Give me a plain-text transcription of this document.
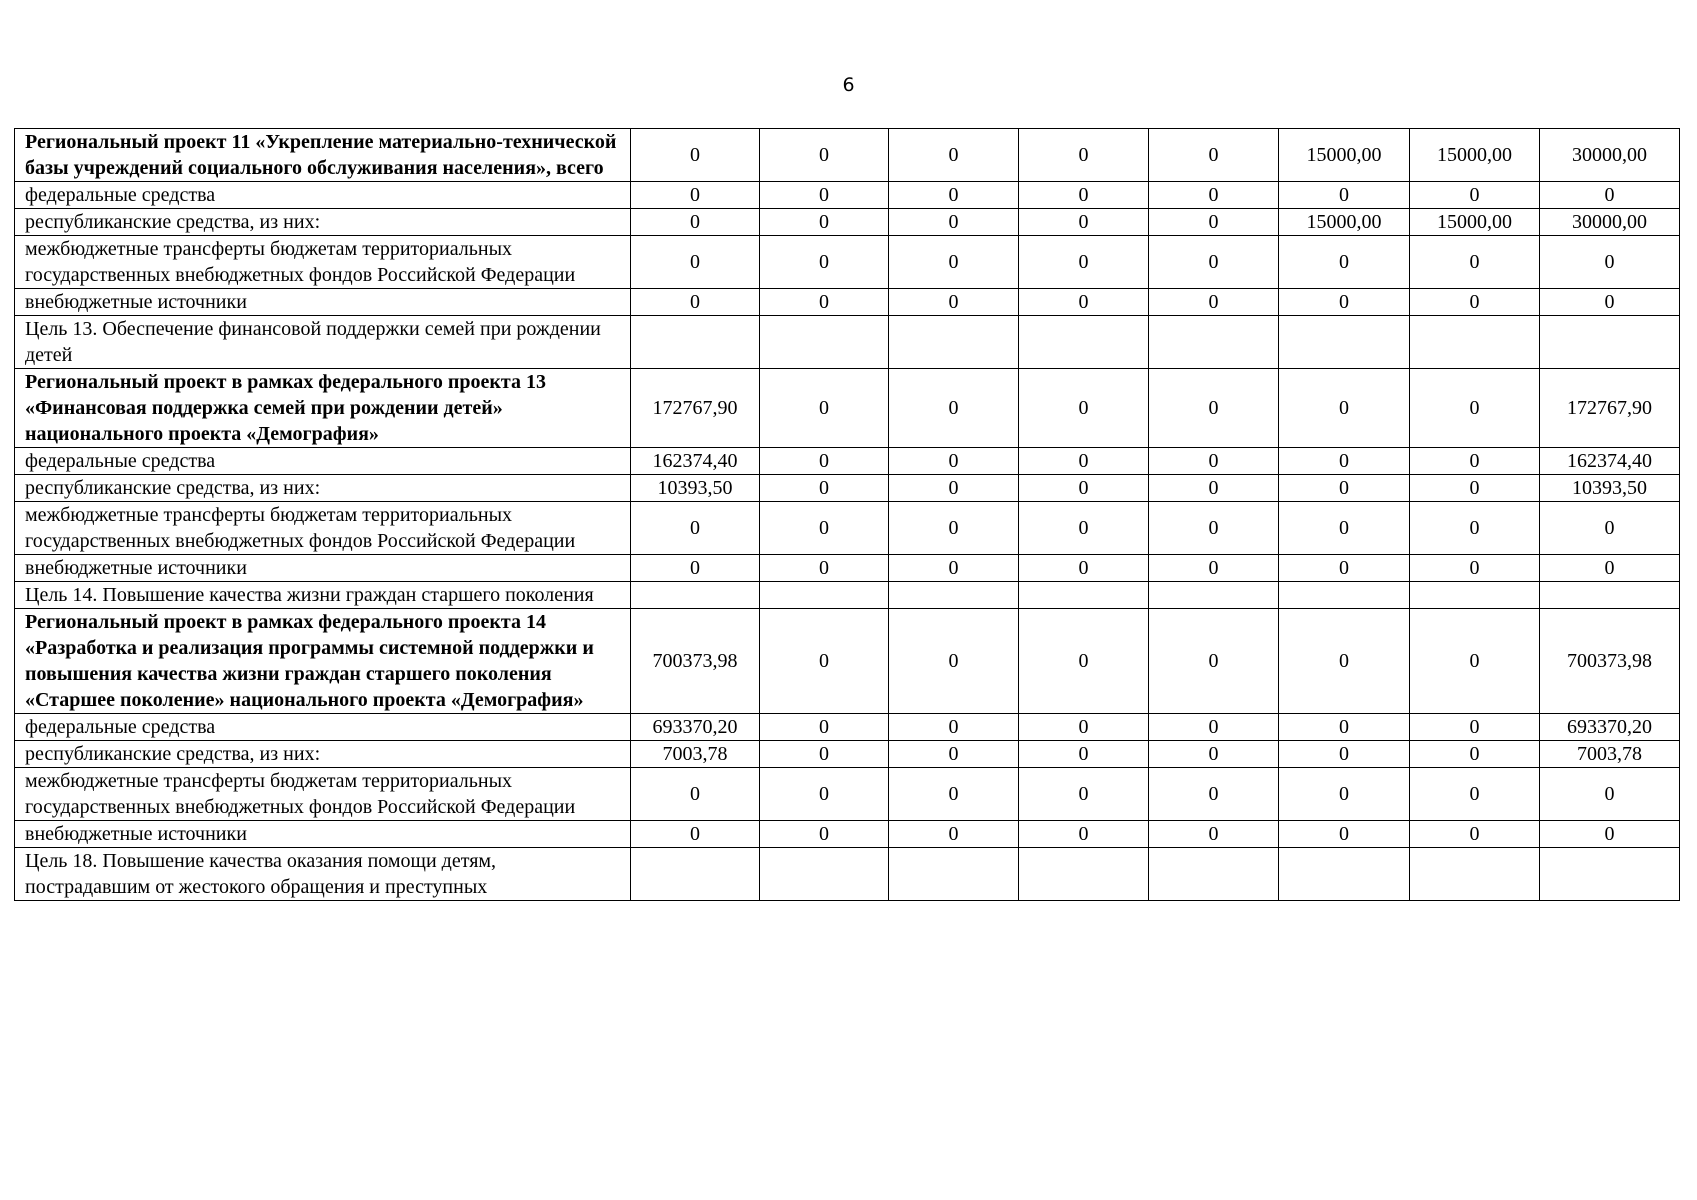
6
Региональный проект 11 «Укрепление материально-технической базы учреждений социального обслуживания населения», всего	0	0	0	0	0	15000,00	15000,00	30000,00
федеральные средства	0	0	0	0	0	0	0	0
республиканские средства, из них:	0	0	0	0	0	15000,00	15000,00	30000,00
межбюджетные трансферты бюджетам территориальных государственных внебюджетных фондов Российской Федерации	0	0	0	0	0	0	0	0
внебюджетные источники	0	0	0	0	0	0	0	0
Цель 13. Обеспечение финансовой поддержки семей при рождении детей								
Региональный проект в рамках федерального проекта 13 «Финансовая поддержка семей при рождении детей» национального проекта «Демография»	172767,90	0	0	0	0	0	0	172767,90
федеральные средства	162374,40	0	0	0	0	0	0	162374,40
республиканские средства, из них:	10393,50	0	0	0	0	0	0	10393,50
межбюджетные трансферты бюджетам территориальных государственных внебюджетных фондов Российской Федерации	0	0	0	0	0	0	0	0
внебюджетные источники	0	0	0	0	0	0	0	0
Цель 14. Повышение качества жизни граждан старшего поколения								
Региональный проект в рамках федерального проекта 14 «Разработка и реализация программы системной поддержки и повышения качества жизни граждан старшего поколения «Старшее поколение» национального проекта «Демография»	700373,98	0	0	0	0	0	0	700373,98
федеральные средства	693370,20	0	0	0	0	0	0	693370,20
республиканские средства, из них:	7003,78	0	0	0	0	0	0	7003,78
межбюджетные трансферты бюджетам территориальных государственных внебюджетных фондов Российской Федерации	0	0	0	0	0	0	0	0
внебюджетные источники	0	0	0	0	0	0	0	0
Цель 18. Повышение качества оказания помощи детям, пострадавшим от жестокого обращения и преступных								
